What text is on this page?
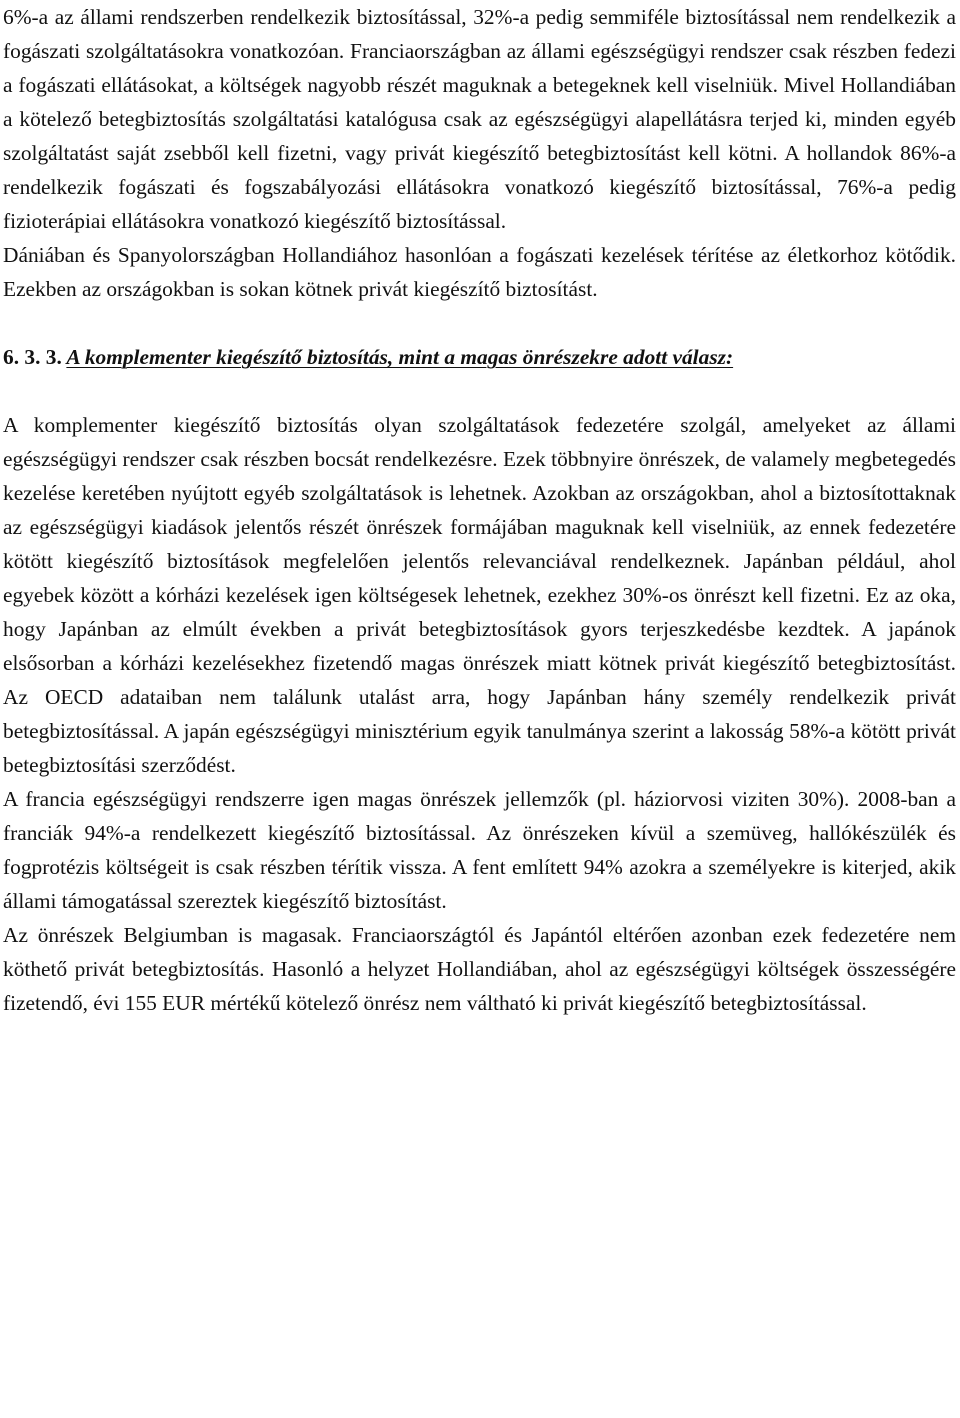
6%-a az állami rendszerben rendelkezik biztosítással, 32%-a pedig semmiféle biztosítással nem rendelkezik a fogászati szolgáltatásokra vonatkozóan. Franciaországban az állami egészségügyi rendszer csak részben fedezi a fogászati ellátásokat, a költségek nagyobb részét maguknak a betegeknek kell viselniük. Mivel Hollandiában a kötelező betegbiztosítás szolgáltatási katalógusa csak az egészségügyi alapellátásra terjed ki, minden egyéb szolgáltatást saját zsebből kell fizetni, vagy privát kiegészítő betegbiztosítást kell kötni. A hollandok 86%-a rendelkezik fogászati és fogszabályozási ellátásokra vonatkozó kiegészítő biztosítással, 76%-a pedig fizioterápiai ellátásokra vonatkozó kiegészítő biztosítással.

Dániában és Spanyolországban Hollandiához hasonlóan a fogászati kezelések térítése az életkorhoz kötődik. Ezekben az országokban is sokan kötnek privát kiegészítő biztosítást.

6. 3. 3. A komplementer kiegészítő biztosítás, mint a magas önrészekre adott válasz:

A komplementer kiegészítő biztosítás olyan szolgáltatások fedezetére szolgál, amelyeket az állami egészségügyi rendszer csak részben bocsát rendelkezésre. Ezek többnyire önrészek, de valamely megbetegedés kezelése keretében nyújtott egyéb szolgáltatások is lehetnek. Azokban az országokban, ahol a biztosítottaknak az egészségügyi kiadások jelentős részét önrészek formájában maguknak kell viselniük, az ennek fedezetére kötött kiegészítő biztosítások megfelelően jelentős relevanciával rendelkeznek. Japánban például, ahol egyebek között a kórházi kezelések igen költségesek lehetnek, ezekhez 30%-os önrészt kell fizetni. Ez az oka, hogy Japánban az elmúlt években a privát betegbiztosítások gyors terjeszkedésbe kezdtek. A japánok elsősorban a kórházi kezelésekhez fizetendő magas önrészek miatt kötnek privát kiegészítő betegbiztosítást. Az OECD adataiban nem találunk utalást arra, hogy Japánban hány személy rendelkezik privát betegbiztosítással. A japán egészségügyi minisztérium egyik tanulmánya szerint a lakosság 58%-a kötött privát betegbiztosítási szerződést.

A francia egészségügyi rendszerre igen magas önrészek jellemzők (pl. háziorvosi viziten 30%). 2008-ban a franciák 94%-a rendelkezett kiegészítő biztosítással. Az önrészeken kívül a szemüveg, hallókészülék és fogprotézis költségeit is csak részben térítik vissza. A fent említett 94% azokra a személyekre is kiterjed, akik állami támogatással szereztek kiegészítő biztosítást.

Az önrészek Belgiumban is magasak. Franciaországtól és Japántól eltérően azonban ezek fedezetére nem köthető privát betegbiztosítás. Hasonló a helyzet Hollandiában, ahol az egészségügyi költségek összességére fizetendő, évi 155 EUR mértékű kötelező önrész nem váltható ki privát kiegészítő betegbiztosítással.
